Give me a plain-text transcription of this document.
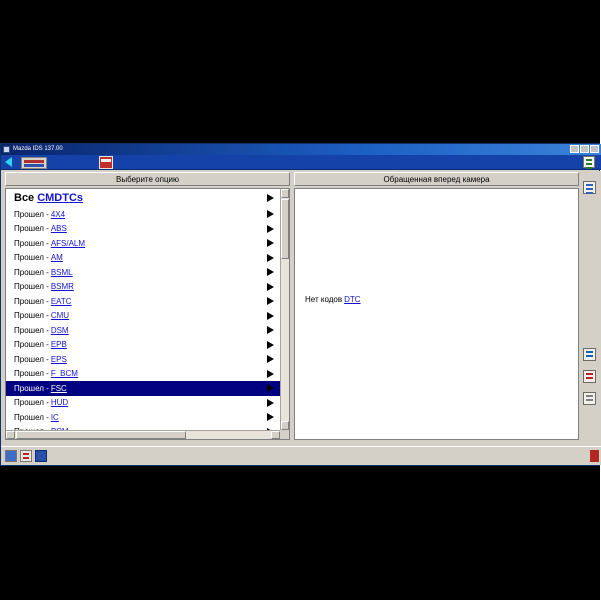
Mazda IDS 137.00
Выберите опцию
Все CMDTCs
Прошел - 4X4
Прошел - ABS
Прошел - AFS/ALM
Прошел - AM
Прошел - BSML
Прошел - BSMR
Прошел - EATC
Прошел - CMU
Прошел - DSM
Прошел - EPB
Прошел - EPS
Прошел - F_BCM
Прошел - FSC
Прошел - HUD
Прошел - IC
Обращенная вперед камера
Нет кодов DTC
